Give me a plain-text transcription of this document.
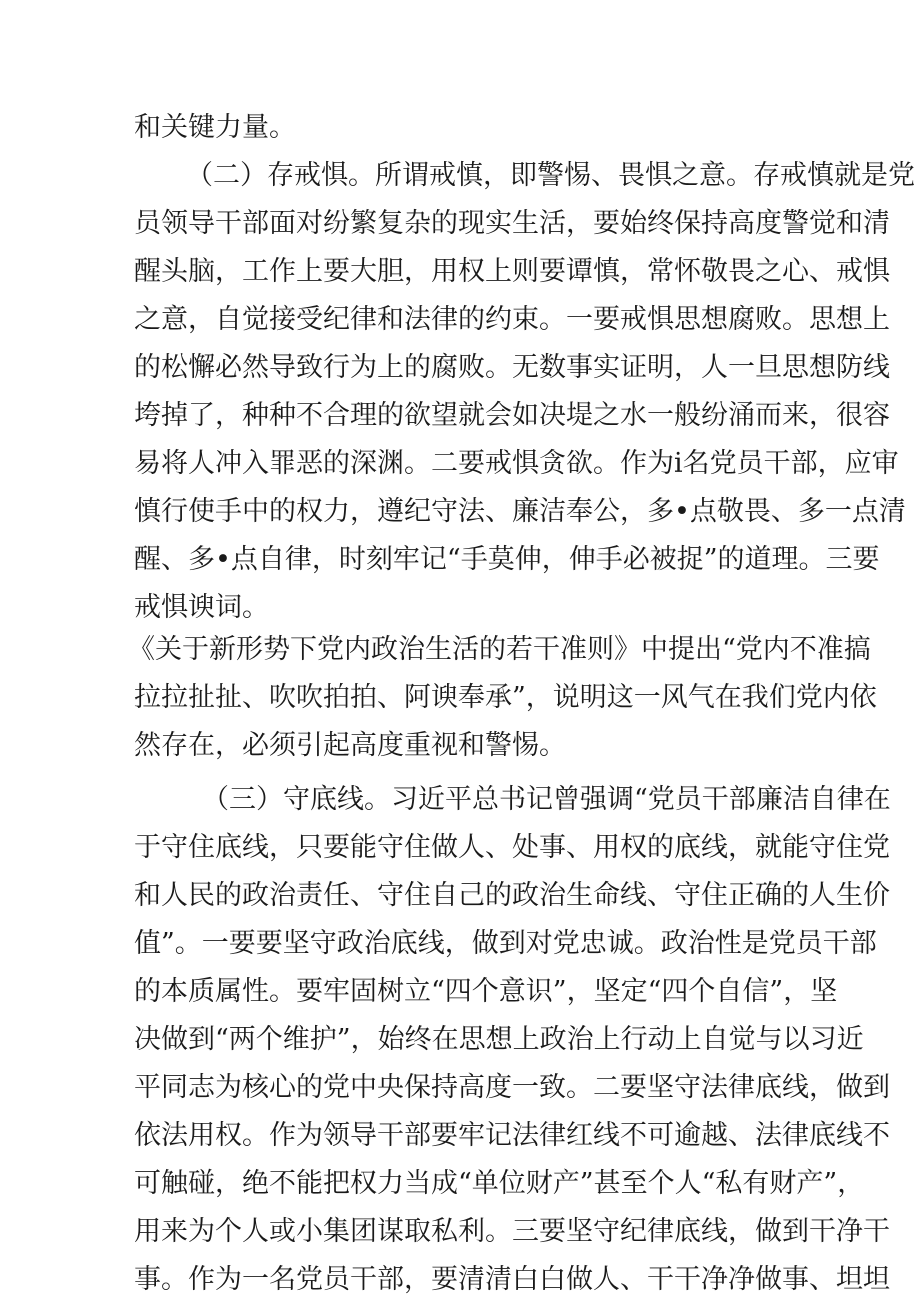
和关键力量。
（二）存戒惧。所谓戒慎，即警惕、畏惧之意。存戒慎就是党
员领导干部面对纷繁复杂的现实生活，要始终保持高度警觉和清
醒头脑，工作上要大胆，用权上则要谭慎，常怀敬畏之心、戒惧
之意，自觉接受纪律和法律的约束。一要戒惧思想腐败。思想上
的松懈必然导致行为上的腐败。无数事实证明，人一旦思想防线
垮掉了，种种不合理的欲望就会如决堤之水一般纷涌而来，很容
易将人冲入罪恶的深渊。二要戒惧贪欲。作为i名党员干部，应审
慎行使手中的权力，遵纪守法、廉洁奉公，多•点敬畏、多一点清
醒、多•点自律，时刻牢记“手莫伸，伸手必被捉”的道理。三要
戒惧谀词。
《关于新形势下党内政治生活的若干准则》中提出“党内不准搞
拉拉扯扯、吹吹拍拍、阿谀奉承”，说明这一风气在我们党内依
然存在，必须引起高度重视和警惕。
（三）守底线。习近平总书记曾强调“党员干部廉洁自律在
于守住底线，只要能守住做人、处事、用权的底线，就能守住党
和人民的政治责任、守住自己的政治生命线、守住正确的人生价
值”。一要要坚守政治底线，做到对党忠诚。政治性是党员干部
的本质属性。要牢固树立“四个意识”，坚定“四个自信”，坚
决做到“两个维护”，始终在思想上政治上行动上自觉与以习近
平同志为核心的党中央保持高度一致。二要坚守法律底线，做到
依法用权。作为领导干部要牢记法律红线不可逾越、法律底线不
可触碰，绝不能把权力当成“单位财产”甚至个人“私有财产”，
用来为个人或小集团谋取私利。三要坚守纪律底线，做到干净干
事。作为一名党员干部，要清清白白做人、干干净净做事、坦坦
